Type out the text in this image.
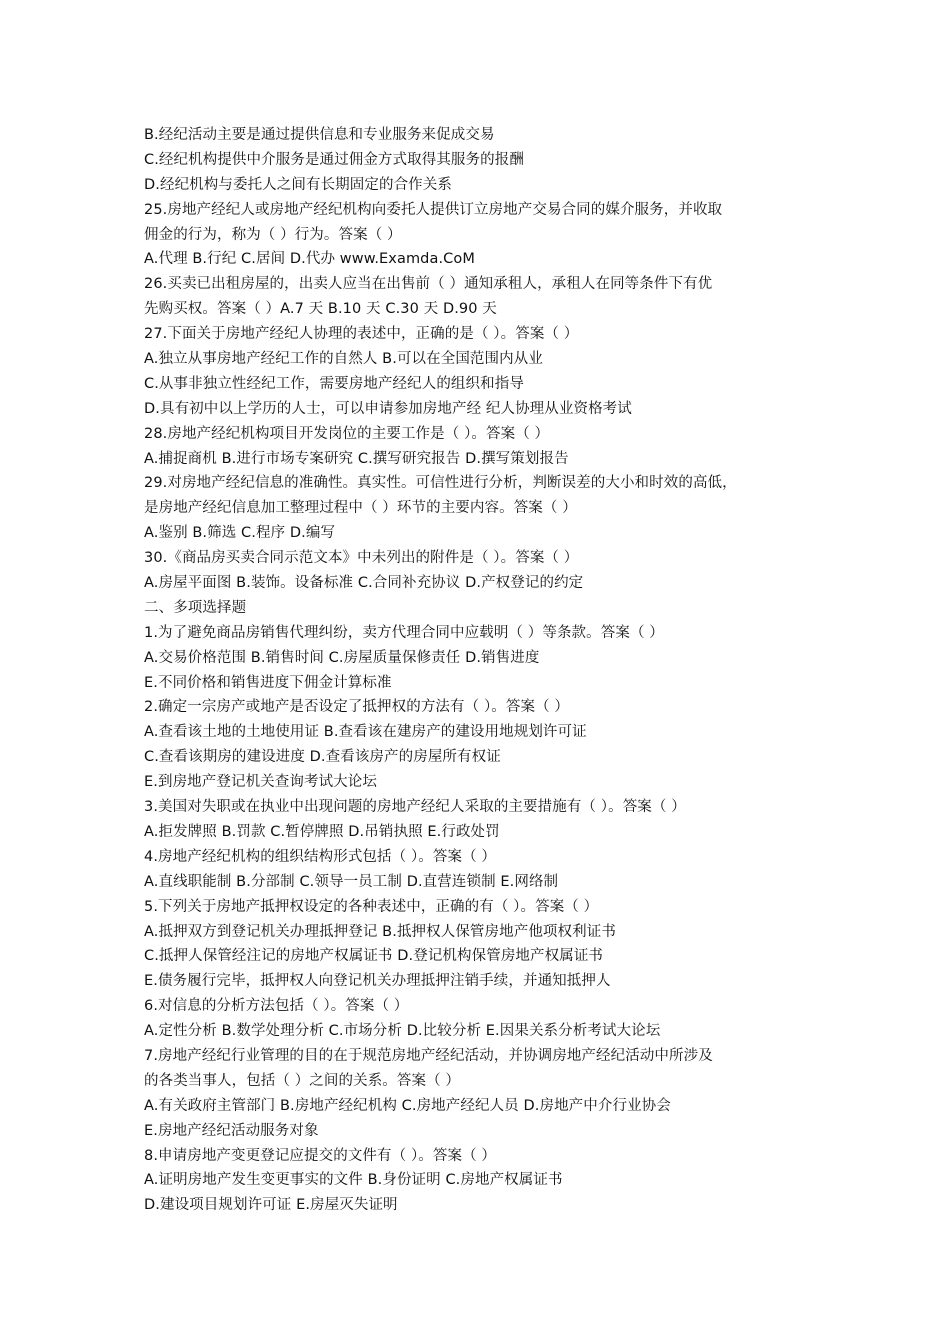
B.经纪活动主要是通过提供信息和专业服务来促成交易
C.经纪机构提供中介服务是通过佣金方式取得其服务的报酬
D.经纪机构与委托人之间有长期固定的合作关系
25.房地产经纪人或房地产经纪机构向委托人提供订立房地产交易合同的媒介服务，并收取
佣金的行为，称为（ ）行为。答案（ ）
A.代理 B.行纪 C.居间 D.代办 www.Examda.CoM
26.买卖已出租房屋的，出卖人应当在出售前（ ）通知承租人，承租人在同等条件下有优
先购买权。答案（ ）A.7 天 B.10 天 C.30 天 D.90 天
27.下面关于房地产经纪人协理的表述中，正确的是（ ）。答案（ ）
A.独立从事房地产经纪工作的自然人 B.可以在全国范围内从业
C.从事非独立性经纪工作，需要房地产经纪人的组织和指导
D.具有初中以上学历的人士，可以申请参加房地产经 纪人协理从业资格考试
28.房地产经纪机构项目开发岗位的主要工作是（ ）。答案（ ）
A.捕捉商机 B.进行市场专案研究 C.撰写研究报告 D.撰写策划报告
29.对房地产经纪信息的准确性。真实性。可信性进行分析，判断误差的大小和时效的高低，
是房地产经纪信息加工整理过程中（ ）环节的主要内容。答案（ ）
A.鉴别 B.筛选 C.程序 D.编写
30.《商品房买卖合同示范文本》中未列出的附件是（ ）。答案（ ）
A.房屋平面图 B.装饰。设备标准 C.合同补充协议 D.产权登记的约定
二、多项选择题
1.为了避免商品房销售代理纠纷，卖方代理合同中应载明（ ）等条款。答案（ ）
A.交易价格范围 B.销售时间 C.房屋质量保修责任 D.销售进度
E.不同价格和销售进度下佣金计算标准
2.确定一宗房产或地产是否设定了抵押权的方法有（ ）。答案（ ）
A.查看该土地的土地使用证 B.查看该在建房产的建设用地规划许可证
C.查看该期房的建设进度 D.查看该房产的房屋所有权证
E.到房地产登记机关查询考试大论坛
3.美国对失职或在执业中出现问题的房地产经纪人采取的主要措施有（ ）。答案（ ）
A.拒发牌照 B.罚款 C.暂停牌照 D.吊销执照 E.行政处罚
4.房地产经纪机构的组织结构形式包括（ ）。答案（ ）
A.直线职能制 B.分部制 C.领导一员工制 D.直营连锁制 E.网络制
5.下列关于房地产抵押权设定的各种表述中，正确的有（ ）。答案（ ）
A.抵押双方到登记机关办理抵押登记 B.抵押权人保管房地产他项权利证书
C.抵押人保管经注记的房地产权属证书 D.登记机构保管房地产权属证书
E.债务履行完毕，抵押权人向登记机关办理抵押注销手续，并通知抵押人
6.对信息的分析方法包括（ ）。答案（ ）
A.定性分析 B.数学处理分析 C.市场分析 D.比较分析 E.因果关系分析考试大论坛
7.房地产经纪行业管理的目的在于规范房地产经纪活动，并协调房地产经纪活动中所涉及
的各类当事人，包括（ ）之间的关系。答案（ ）
A.有关政府主管部门 B.房地产经纪机构 C.房地产经纪人员 D.房地产中介行业协会
E.房地产经纪活动服务对象
8.申请房地产变更登记应提交的文件有（ ）。答案（ ）
A.证明房地产发生变更事实的文件 B.身份证明 C.房地产权属证书
D.建设项目规划许可证 E.房屋灭失证明
